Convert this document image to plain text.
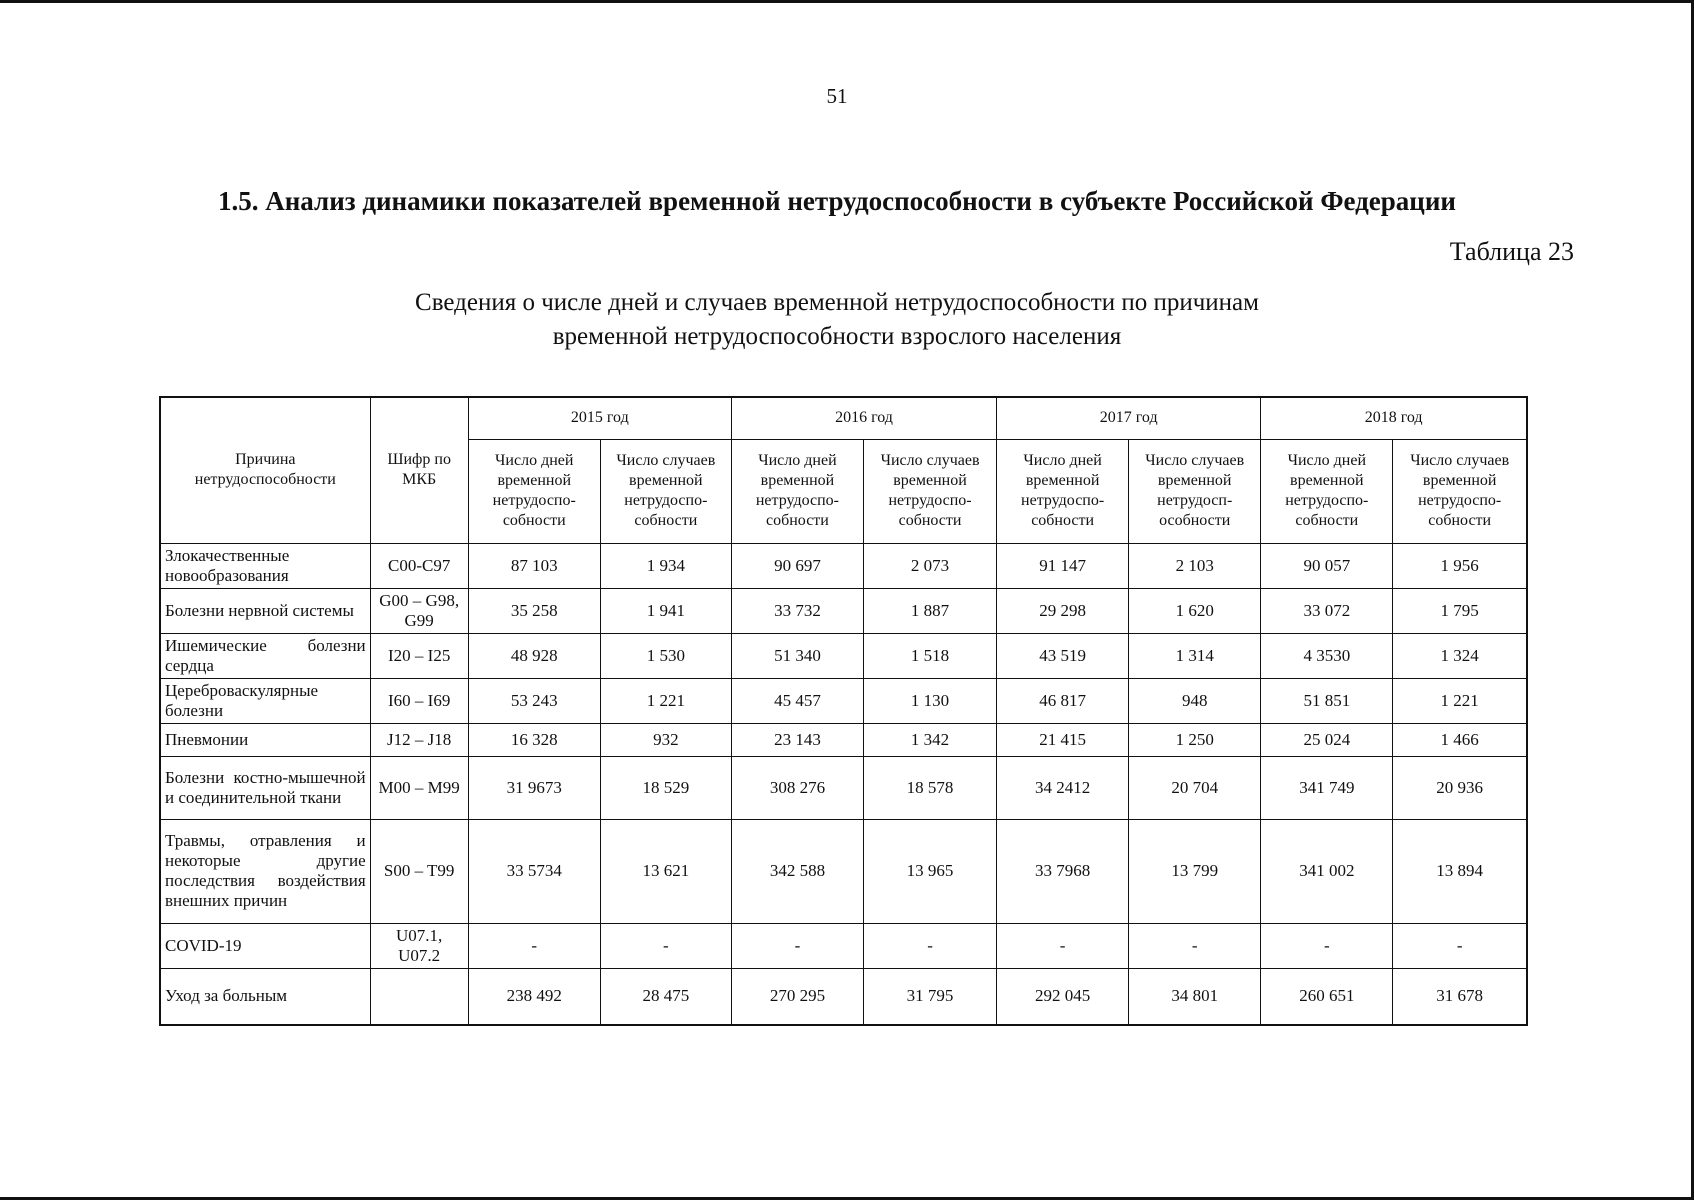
51
1.5. Анализ динамики показателей временной нетрудоспособности в субъекте Российской Федерации
Таблица 23
Сведения о числе дней и случаев временной нетрудоспособности по причинам
временной нетрудоспособности взрослого населения
Причина нетрудоспособности	Шифр по МКБ	2015 год		2016 год		2017 год		2018 год	
		Число дней временной нетрудоспо-собности	Число случаев временной нетрудоспо-собности	Число дней временной нетрудоспо-собности	Число случаев временной нетрудоспо-собности	Число дней временной нетрудоспо-собности	Число случаев временной нетрудосп-особности	Число дней временной нетрудоспо-собности	Число случаев временной нетрудоспо-собности
Злокачественные новообразования	С00-С97	87 103	1 934	90 697	2 073	91 147	2 103	90 057	1 956
Болезни нервной системы	G00 – G98, G99	35 258	1 941	33 732	1 887	29 298	1 620	33 072	1 795
Ишемические болезни сердца	I20 – I25	48 928	1 530	51 340	1 518	43 519	1 314	4 3530	1 324
Цереброваскулярные болезни	I60 – I69	53 243	1 221	45 457	1 130	46 817	948	51 851	1 221
Пневмонии	J12 – J18	16 328	932	23 143	1 342	21 415	1 250	25 024	1 466
Болезни костно-мышечной и соединительной ткани	M00 – M99	31 9673	18 529	308 276	18 578	34 2412	20 704	341 749	20 936
Травмы, отравления и некоторые другие последствия воздействия внешних причин	S00 – T99	33 5734	13 621	342 588	13 965	33 7968	13 799	341 002	13 894
COVID-19	U07.1, U07.2	-	-	-	-	-	-	-	-
Уход за больным		238 492	28 475	270 295	31 795	292 045	34 801	260 651	31 678
